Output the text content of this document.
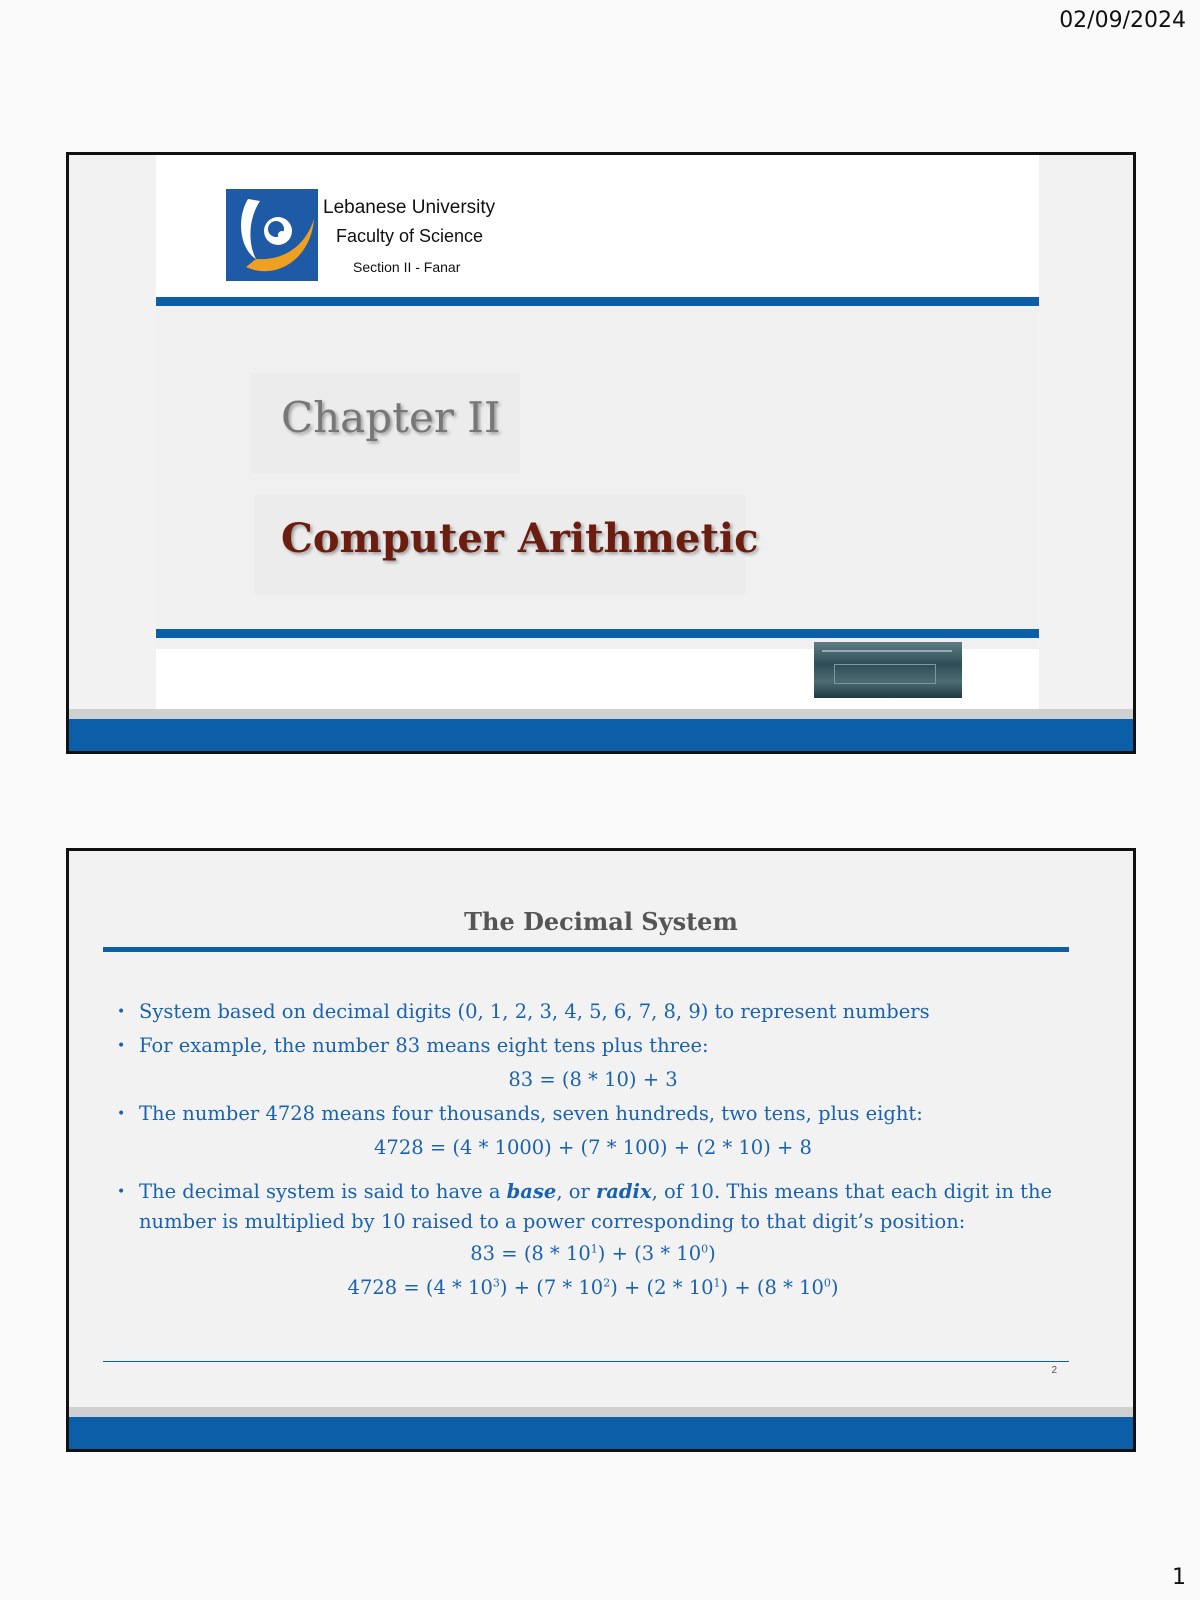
02/09/2024
Lebanese University
Faculty of Science
Section II - Fanar
Chapter II
Computer Arithmetic
The Decimal System
• System based on decimal digits (0, 1, 2, 3, 4, 5, 6, 7, 8, 9) to represent numbers
• For example, the number 83 means eight tens plus three:
83 = (8 * 10) + 3
• The number 4728 means four thousands, seven hundreds, two tens, plus eight:
4728 = (4 * 1000) + (7 * 100) + (2 * 10) + 8
• The decimal system is said to have a base, or radix, of 10. This means that each digit in the number is multiplied by 10 raised to a power corresponding to that digit’s position:
$83 = (8 * 10^1) + (3 * 10^0)$
$4728 = (4 * 10^3) + (7 * 10^2) + (2 * 10^1) + (8 * 10^0)$
2
1
